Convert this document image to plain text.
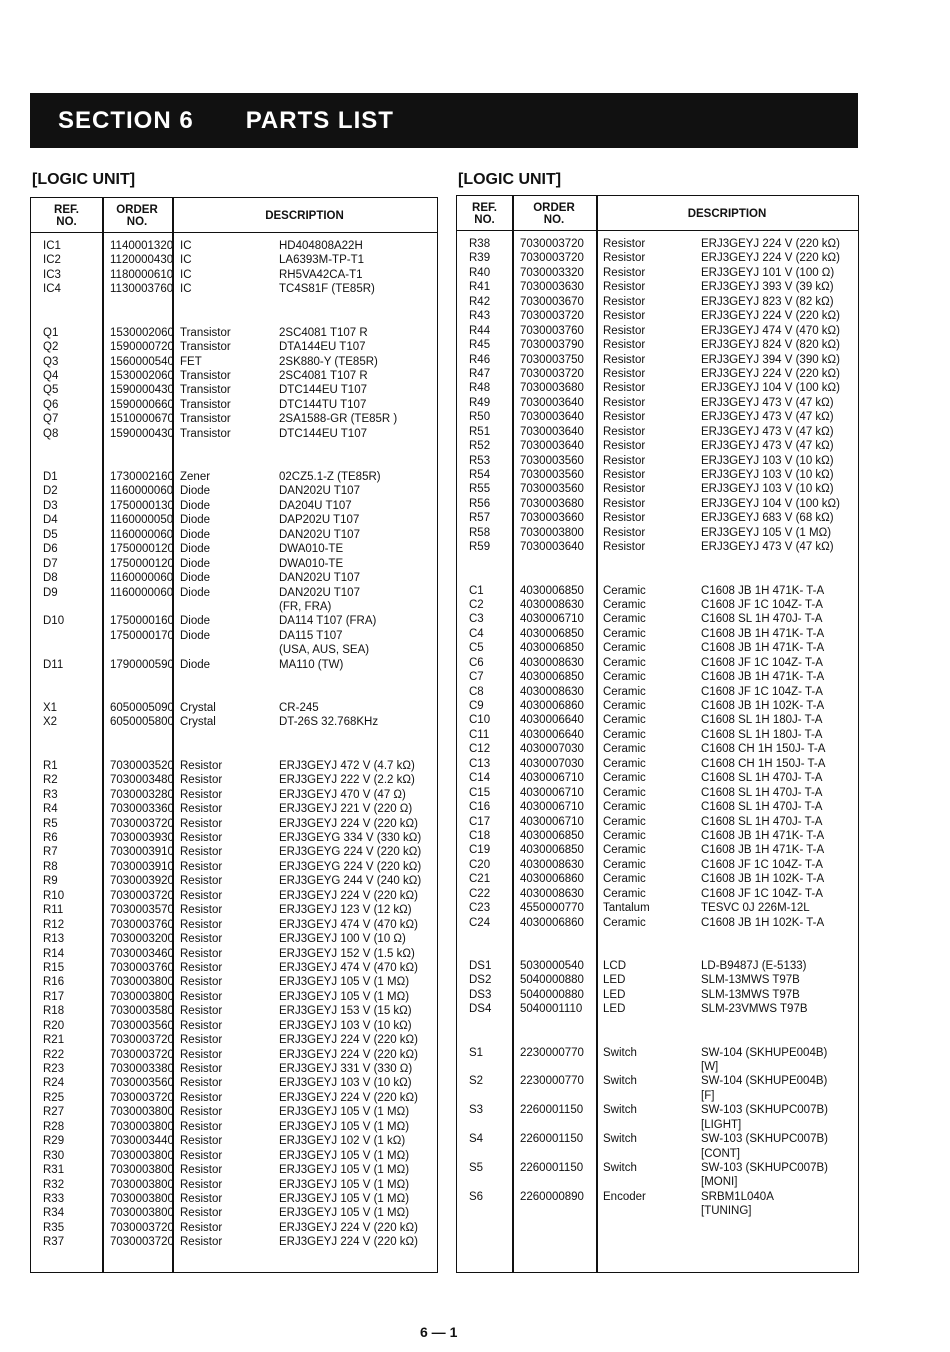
SECTION 6 PARTS LIST
[LOGIC UNIT]	[LOGIC UNIT]
REF.
NO.
ORDER
NO.	DESCRIPTION
IC1	1140001320 IC	HD404808A22H
IC2	1120000430 IC	LA6393M-TP-T1
IC3	1180000610 IC	RH5VA42CA-T1
IC4	1130003760 IC	TC4S81F (TE85R)
Q1	1530002060 Transistor	2SC4081 T107 R
Q2	1590000720 Transistor	DTA144EU T107
Q3	1560000540 FET	2SK880-Y (TE85R)
Q4	1530002060 Transistor	2SC4081 T107 R
Q5	1590000430 Transistor	DTC144EU T107
Q6	1590000660 Transistor	DTC144TU T107
Q7	1510000670 Transistor	2SA1588-GR (TE85R )
Q8	1590000430 Transistor	DTC144EU T107
D1	1730002160 Zener	02CZ5.1-Z (TE85R)
D2	1160000060 Diode	DAN202U T107
D3	1750000130 Diode	DA204U T107
D4	1160000050 Diode	DAP202U T107
D5	1160000060 Diode	DAN202U T107
D6	1750000120 Diode	DWA010-TE
D7	1750000120 Diode	DWA010-TE
D8	1160000060 Diode	DAN202U T107
D9	1160000060 Diode	DAN202U T107
(FR, FRA)
D10	1750000160 Diode	DA114 T107 (FRA)
1750000170 Diode	DA115 T107
(USA, AUS, SEA)
D11	1790000590 Diode	MA110 (TW)
X1	6050005090 Crystal	CR-245
X2	6050005800 Crystal	DT-26S 32.768KHz
R1	7030003520 Resistor	ERJ3GEYJ 472 V (4.7 kΩ)
R2	7030003480 Resistor	ERJ3GEYJ 222 V (2.2 kΩ)
R3	7030003280 Resistor	ERJ3GEYJ 470 V (47 Ω)
R4	7030003360 Resistor	ERJ3GEYJ 221 V (220 Ω)
R5	7030003720 Resistor	ERJ3GEYJ 224 V (220 kΩ)
R6	7030003930 Resistor	ERJ3GEYG 334 V (330 kΩ)
R7	7030003910 Resistor	ERJ3GEYG 224 V (220 kΩ)
R8	7030003910 Resistor	ERJ3GEYG 224 V (220 kΩ)
R9	7030003920 Resistor	ERJ3GEYG 244 V (240 kΩ)
R10	7030003720 Resistor	ERJ3GEYJ 224 V (220 kΩ)
R11	7030003570 Resistor	ERJ3GEYJ 123 V (12 kΩ)
R12	7030003760 Resistor	ERJ3GEYJ 474 V (470 kΩ)
R13	7030003200 Resistor	ERJ3GEYJ 100 V (10 Ω)
R14	7030003460 Resistor	ERJ3GEYJ 152 V (1.5 kΩ)
R15	7030003760 Resistor	ERJ3GEYJ 474 V (470 kΩ)
R16	7030003800 Resistor	ERJ3GEYJ 105 V (1 MΩ)
R17	7030003800 Resistor	ERJ3GEYJ 105 V (1 MΩ)
R18	7030003580 Resistor	ERJ3GEYJ 153 V (15 kΩ)
R20	7030003560 Resistor	ERJ3GEYJ 103 V (10 kΩ)
R21	7030003720 Resistor	ERJ3GEYJ 224 V (220 kΩ)
R22	7030003720 Resistor	ERJ3GEYJ 224 V (220 kΩ)
R23	7030003380 Resistor	ERJ3GEYJ 331 V (330 Ω)
R24	7030003560 Resistor	ERJ3GEYJ 103 V (10 kΩ)
R25	7030003720 Resistor	ERJ3GEYJ 224 V (220 kΩ)
R27	7030003800 Resistor	ERJ3GEYJ 105 V (1 MΩ)
R28	7030003800 Resistor	ERJ3GEYJ 105 V (1 MΩ)
R29	7030003440 Resistor	ERJ3GEYJ 102 V (1 kΩ)
R30	7030003800 Resistor	ERJ3GEYJ 105 V (1 MΩ)
R31	7030003800 Resistor	ERJ3GEYJ 105 V (1 MΩ)
R32	7030003800 Resistor	ERJ3GEYJ 105 V (1 MΩ)
R33	7030003800 Resistor	ERJ3GEYJ 105 V (1 MΩ)
R34	7030003800 Resistor	ERJ3GEYJ 105 V (1 MΩ)
R35	7030003720 Resistor	ERJ3GEYJ 224 V (220 kΩ)
R37	7030003720 Resistor	ERJ3GEYJ 224 V (220 kΩ)
REF.
NO.
ORDER
NO.	DESCRIPTION
R38	7030003720 Resistor	ERJ3GEYJ 224 V (220 kΩ)
R39	7030003720 Resistor	ERJ3GEYJ 224 V (220 kΩ)
R40	7030003320 Resistor	ERJ3GEYJ 101 V (100 Ω)
R41	7030003630 Resistor	ERJ3GEYJ 393 V (39 kΩ)
R42	7030003670 Resistor	ERJ3GEYJ 823 V (82 kΩ)
R43	7030003720 Resistor	ERJ3GEYJ 224 V (220 kΩ)
R44	7030003760 Resistor	ERJ3GEYJ 474 V (470 kΩ)
R45	7030003790 Resistor	ERJ3GEYJ 824 V (820 kΩ)
R46	7030003750 Resistor	ERJ3GEYJ 394 V (390 kΩ)
R47	7030003720 Resistor	ERJ3GEYJ 224 V (220 kΩ)
R48	7030003680 Resistor	ERJ3GEYJ 104 V (100 kΩ)
R49	7030003640 Resistor	ERJ3GEYJ 473 V (47 kΩ)
R50	7030003640 Resistor	ERJ3GEYJ 473 V (47 kΩ)
R51	7030003640 Resistor	ERJ3GEYJ 473 V (47 kΩ)
R52	7030003640 Resistor	ERJ3GEYJ 473 V (47 kΩ)
R53	7030003560 Resistor	ERJ3GEYJ 103 V (10 kΩ)
R54	7030003560 Resistor	ERJ3GEYJ 103 V (10 kΩ)
R55	7030003560 Resistor	ERJ3GEYJ 103 V (10 kΩ)
R56	7030003680 Resistor	ERJ3GEYJ 104 V (100 kΩ)
R57	7030003660 Resistor	ERJ3GEYJ 683 V (68 kΩ)
R58	7030003800 Resistor	ERJ3GEYJ 105 V (1 MΩ)
R59	7030003640 Resistor	ERJ3GEYJ 473 V (47 kΩ)
C1	4030006850 Ceramic	C1608 JB 1H 471K- T-A
C2	4030008630 Ceramic	C1608 JF 1C 104Z- T-A
C3	4030006710 Ceramic	C1608 SL 1H 470J- T-A
C4	4030006850 Ceramic	C1608 JB 1H 471K- T-A
C5	4030006850 Ceramic	C1608 JB 1H 471K- T-A
C6	4030008630 Ceramic	C1608 JF 1C 104Z- T-A
C7	4030006850 Ceramic	C1608 JB 1H 471K- T-A
C8	4030008630 Ceramic	C1608 JF 1C 104Z- T-A
C9	4030006860 Ceramic	C1608 JB 1H 102K- T-A
C10	4030006640 Ceramic	C1608 SL 1H 180J- T-A
C11	4030006640 Ceramic	C1608 SL 1H 180J- T-A
C12	4030007030 Ceramic	C1608 CH 1H 150J- T-A
C13	4030007030 Ceramic	C1608 CH 1H 150J- T-A
C14	4030006710 Ceramic	C1608 SL 1H 470J- T-A
C15	4030006710 Ceramic	C1608 SL 1H 470J- T-A
C16	4030006710 Ceramic	C1608 SL 1H 470J- T-A
C17	4030006710 Ceramic	C1608 SL 1H 470J- T-A
C18	4030006850 Ceramic	C1608 JB 1H 471K- T-A
C19	4030006850 Ceramic	C1608 JB 1H 471K- T-A
C20	4030008630 Ceramic	C1608 JF 1C 104Z- T-A
C21	4030006860 Ceramic	C1608 JB 1H 102K- T-A
C22	4030008630 Ceramic	C1608 JF 1C 104Z- T-A
C23	4550000770 Tantalum	TESVC 0J 226M-12L
C24	4030006860 Ceramic	C1608 JB 1H 102K- T-A
DS1 5030000540 LCD	LD-B9487J (E-5133)
DS2 5040000880 LED	SLM-13MWS T97B
DS3 5040000880 LED	SLM-13MWS T97B
DS4 5040001110 LED	SLM-23VMWS T97B
S1	2230000770 Switch	SW-104 (SKHUPE004B)
[W]
S2	2230000770 Switch	SW-104 (SKHUPE004B)
[F]
S3	2260001150 Switch	SW-103 (SKHUPC007B)
[LIGHT]
S4	2260001150 Switch	SW-103 (SKHUPC007B)
[CONT]
S5	2260001150 Switch	SW-103 (SKHUPC007B)
[MONI]
S6	2260000890 Encoder	SRBM1L040A
[TUNING]
6 — 1
